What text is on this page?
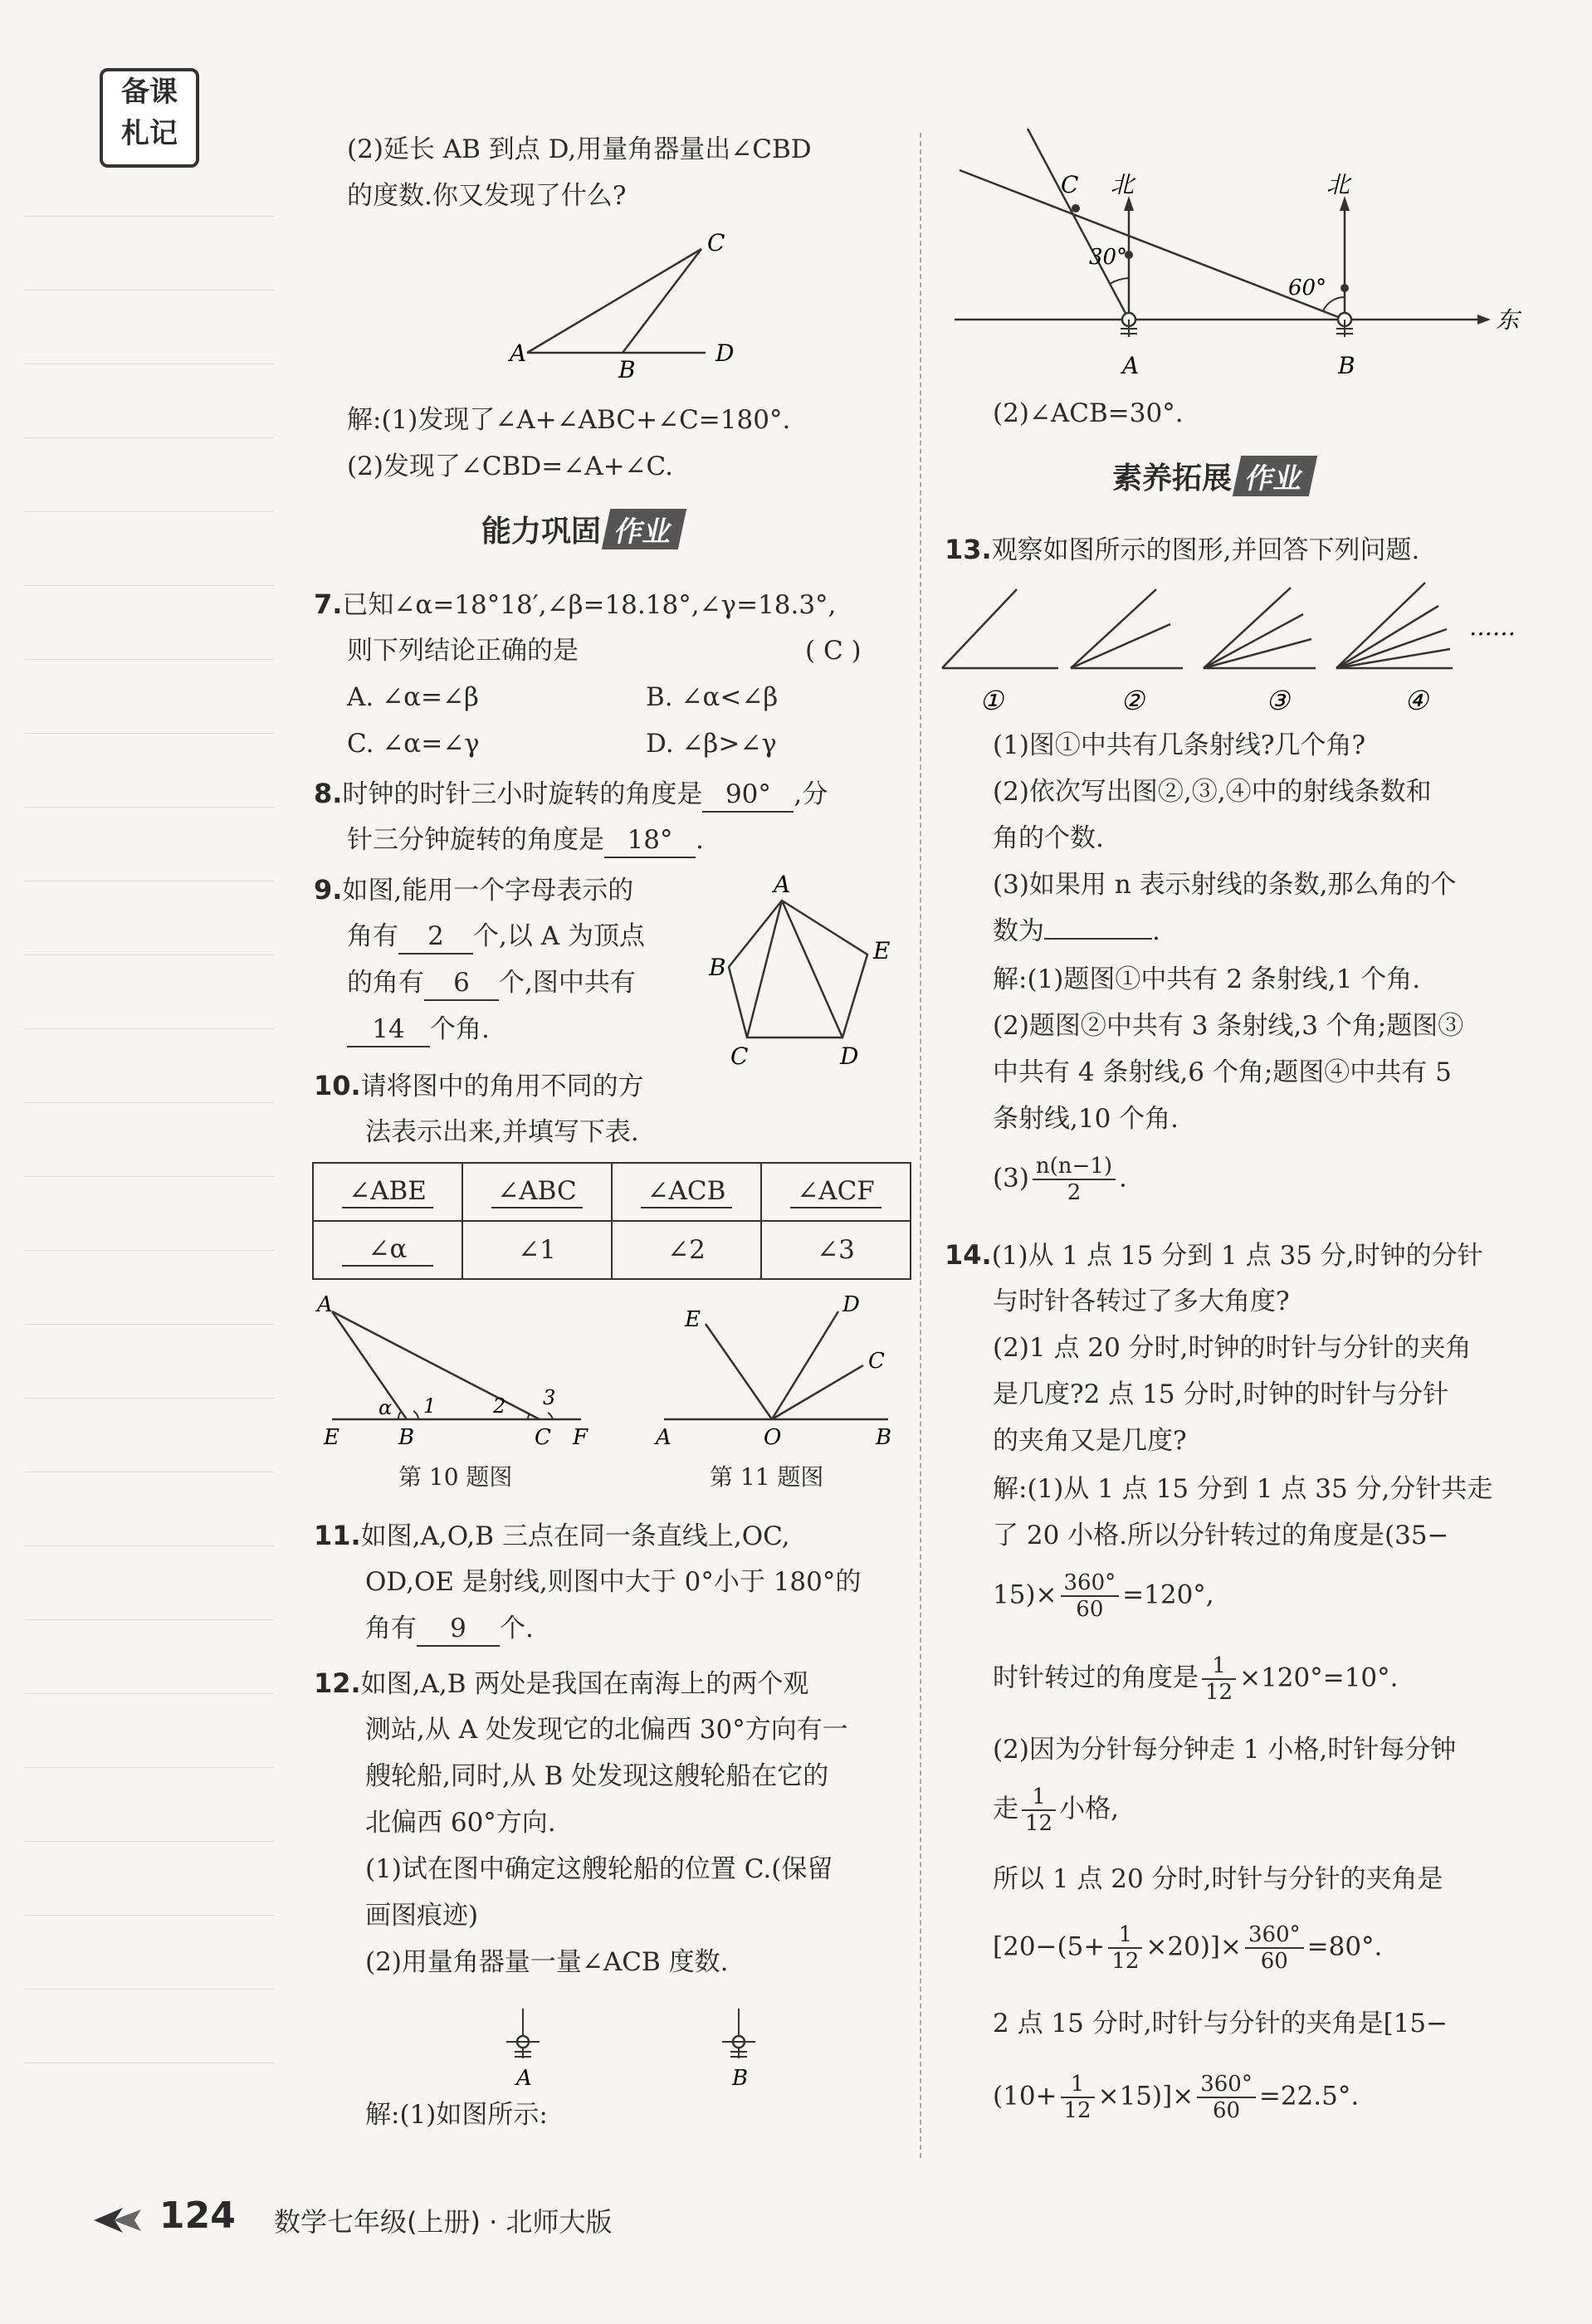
备课
札记	(2)延长 AB 到点 D,用量角器量出∠CBD
的度数.你又发现了什么?
A
B
C
D
解:(1)发现了∠A+∠ABC+∠C=180°.
(2)发现了∠CBD=∠A+∠C.
能力巩固 作业
7.已知∠α=18°18′,∠β=18.18°,∠γ=18.3°,
则下列结论正确的是	( C )
A. ∠α=∠β	B. ∠α<∠β
C. ∠α=∠γ	D. ∠β>∠γ
8.时钟的时针三小时旋转的角度是 90° ,分
针三分钟旋转的角度是 18° .
9.如图,能用一个字母表示的
角有 2 个,以 A 为顶点
的角有 6 个,图中共有
14 个角.
A
B
C	D
E
10.请将图中的角用不同的方
法表示出来,并填写下表.
∠ABE	∠ABC	∠ACB	∠ACF
∠α	∠1	∠2	∠3
A
E	B	C F
α 1	2 3
第 10 题图
E
D
C
A	O	B
第 11 题图
11.如图,A,O,B 三点在同一条直线上,OC,
OD,OE 是射线,则图中大于 0°小于 180°的
角有 9 个.
12.如图,A,B 两处是我国在南海上的两个观
测站,从 A 处发现它的北偏西 30°方向有一
艘轮船,同时,从 B 处发现这艘轮船在它的
北偏西 60°方向.
(1)试在图中确定这艘轮船的位置 C.(保留
画图痕迹)
(2)用量角器量一量∠ACB 度数.
A	B
解:(1)如图所示:
C 北	北
东
30°
60°
A	B
(2)∠ACB=30°.
素养拓展 作业
13.观察如图所示的图形,并回答下列问题.
……
①	②	③	④
(1)图①中共有几条射线?几个角?
(2)依次写出图②,③,④中的射线条数和
角的个数.
(3)如果用 n 表示射线的条数,那么角的个
数为	.
解:(1)题图①中共有 2 条射线,1 个角.
(2)题图②中共有 3 条射线,3 个角;题图③
中共有 4 条射线,6 个角;题图④中共有 5
条射线,10 个角.
$(3) \frac{n(n-1)}{2}$ .
14.(1)从 1 点 15 分到 1 点 35 分,时钟的分针
与时针各转过了多大角度?
(2)1 点 20 分时,时钟的时针与分针的夹角
是几度?2 点 15 分时,时钟的时针与分针
的夹角又是几度?
解:(1)从 1 点 15 分到 1 点 35 分,分针共走
了 20 小格.所以分针转过的角度是(35−
$15)\times \frac{360^\circ}{60} =120^\circ$,
时针转过的角度是 $\frac{1}{12} \times 120^\circ=10^\circ$.
(2)因为分针每分钟走 1 小格,时针每分钟
走 $\frac{1}{12}$ 小格,
所以 1 点 20 分时,时针与分针的夹角是
$[20-(5+ \frac{1}{12} \times 20)]\times \frac{360^\circ}{60} =80^\circ$.
2 点 15 分时,时针与分针的夹角是[15−
$(10+ \frac{1}{12} \times 15)]\times \frac{360^\circ}{60} =22.5^\circ$.
124 数学七年级(上册) · 北师大版
